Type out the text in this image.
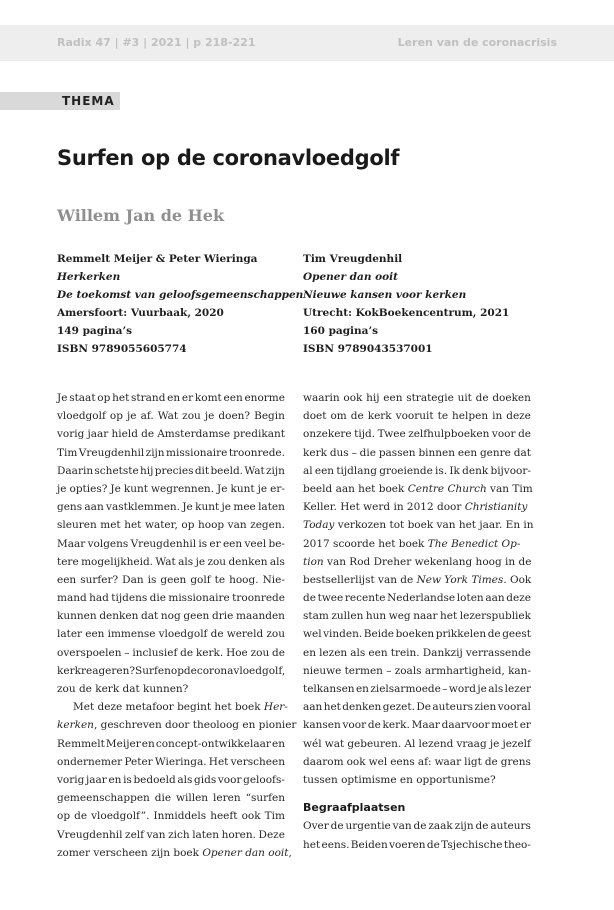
Radix 47 | #3 | 2021 | p 218-221	Leren van de coronacrisis
THEMA
Surfen op de coronavloedgolf
Willem Jan de Hek
Remmelt Meijer & Peter Wieringa
Herkerken
De toekomst van geloofsgemeenschappen
Amersfoort: Vuurbaak, 2020
149 pagina’s
ISBN 9789055605774
Tim Vreugdenhil
Opener dan ooit
Nieuwe kansen voor kerken
Utrecht: KokBoekencentrum, 2021
160 pagina’s
ISBN 9789043537001
Je staat op het strand en er komt een enorme
vloedgolf op je af. Wat zou je doen? Begin
vorig jaar hield de Amsterdamse predikant
Tim Vreugdenhil zijn missionaire troonrede.
Daarin schetste hij precies dit beeld. Wat zijn
je opties? Je kunt wegrennen. Je kunt je er-
gens aan vastklemmen. Je kunt je mee laten
sleuren met het water, op hoop van zegen.
Maar volgens Vreugdenhil is er een veel be-
tere mogelijkheid. Wat als je zou denken als
een surfer? Dan is geen golf te hoog. Nie-
mand had tijdens die missionaire troonrede
kunnen denken dat nog geen drie maanden
later een immense vloedgolf de wereld zou
overspoelen – inclusief de kerk. Hoe zou de
kerk reageren? Surfen op de coronavloedgolf,
zou de kerk dat kunnen?
Met deze metafoor begint het boek Her-
kerken, geschreven door theoloog en pionier
Remmelt Meijer en concept-ontwikkelaar en
ondernemer Peter Wieringa. Het verscheen
vorig jaar en is bedoeld als gids voor geloofs-
gemeenschappen die willen leren “surfen
op de vloedgolf”. Inmiddels heeft ook Tim
Vreugdenhil zelf van zich laten horen. Deze
zomer verscheen zijn boek Opener dan ooit,
waarin ook hij een strategie uit de doeken
doet om de kerk vooruit te helpen in deze
onzekere tijd. Twee zelfhulpboeken voor de
kerk dus – die passen binnen een genre dat
al een tijdlang groeiende is. Ik denk bijvoor-
beeld aan het boek Centre Church van Tim
Keller. Het werd in 2012 door Christianity
Today verkozen tot boek van het jaar. En in
2017 scoorde het boek The Benedict Op-
tion van Rod Dreher wekenlang hoog in de
bestsellerlijst van de New York Times. Ook
de twee recente Nederlandse loten aan deze
stam zullen hun weg naar het lezerspubliek
wel vinden. Beide boeken prikkelen de geest
en lezen als een trein. Dankzij verrassende
nieuwe termen – zoals armhartigheid, kan-
telkansen en zielsarmoede – word je als lezer
aan het denken gezet. De auteurs zien vooral
kansen voor de kerk. Maar daarvoor moet er
wél wat gebeuren. Al lezend vraag je jezelf
daarom ook wel eens af: waar ligt de grens
tussen optimisme en opportunisme?
Begraafplaatsen
Over de urgentie van de zaak zijn de auteurs
het eens. Beiden voeren de Tsjechische theo-
